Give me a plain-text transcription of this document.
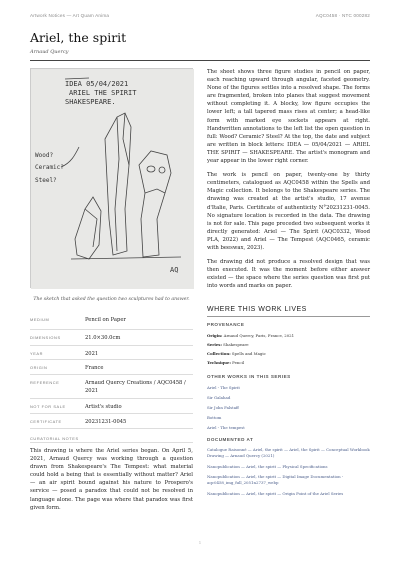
Artwork Notices — Art Quam Anima	AQC0458 · NTC 000282
Ariel, the spirit
Arnaud Quercy
IDEA 05/04/2021
ARIEL THE SPIRIT
SHAKESPEARE.
Wood?
Ceramic?
Steel?
AQ
The sketch that asked the question two sculptures had to answer.
MEDIUM	Pencil on Paper
DIMENSIONS	21.0×30.0cm
YEAR	2021
ORIGIN	France
REFERENCE	Arnaud Quercy Creations / AQC0458 / 2021
NOT FOR SALE	Artist's studio
CERTIFICATE	20231231-0045
CURATORIAL NOTES

This drawing is where the Ariel series began. On April 5, 2021, Arnaud Quercy was working through a question drawn from Shakespeare's The Tempest: what material could hold a being that is essentially without matter? Ariel — an air spirit bound against his nature to Prospero's service — posed a paradox that could not be resolved in language alone. The page was where that paradox was first given form.

The sheet shows three figure studies in pencil on paper, each reaching upward through angular, faceted geometry. None of the figures settles into a resolved shape. The forms are fragmented, broken into planes that suggest movement without completing it. A blocky, low figure occupies the lower left; a tall tapered mass rises at center; a head-like form with marked eye sockets appears at right. Handwritten annotations to the left list the open question in full: Wood? Ceramic? Steel? At the top, the date and subject are written in block letters: IDEA — 05/04/2021 — ARIEL THE SPIRIT — SHAKESPEARE. The artist's monogram and year appear in the lower right corner.

The work is pencil on paper, twenty-one by thirty centimeters, catalogued as AQC0458 within the Spells and Magic collection. It belongs to the Shakespeare series. The drawing was created at the artist's studio, 17 avenue d'Italie, Paris. Certificate of authenticity N°20231231-0045. No signature location is recorded in the data. The drawing is not for sale. This page preceded two subsequent works it directly generated: Ariel — The Spirit (AQC0332, Wood PLA, 2022) and Ariel — The Tempest (AQC0465, ceramic with beeswax, 2023).

The drawing did not produce a resolved design that was then executed. It was the moment before either answer existed — the space where the series question was first put into words and marks on paper.

WHERE THIS WORK LIVES
PROVENANCE
Origin: Arnaud Quercy, Paris, France, 2021
Series: Shakespeare
Collection: Spells and Magic
Technique: Pencil
OTHER WORKS IN THIS SERIES
Ariel - The Spirit
Sir Galahad
Sir John Falstaff
Bottom
Ariel - The tempest
DOCUMENTED AT
Catalogue Raisonné — Ariel, the spirit — Ariel, the Spirit — Conceptual Workbook Drawing — Arnaud Quercy (2021)
Nanopublication — Ariel, the spirit — Physical Specifications
Nanopublication — Ariel, the spirit — Digital Image Documentation - aqc0458_img_full_2051n2737_webp
Nanopublication — Ariel, the spirit — Origin Point of the Ariel Series
1
